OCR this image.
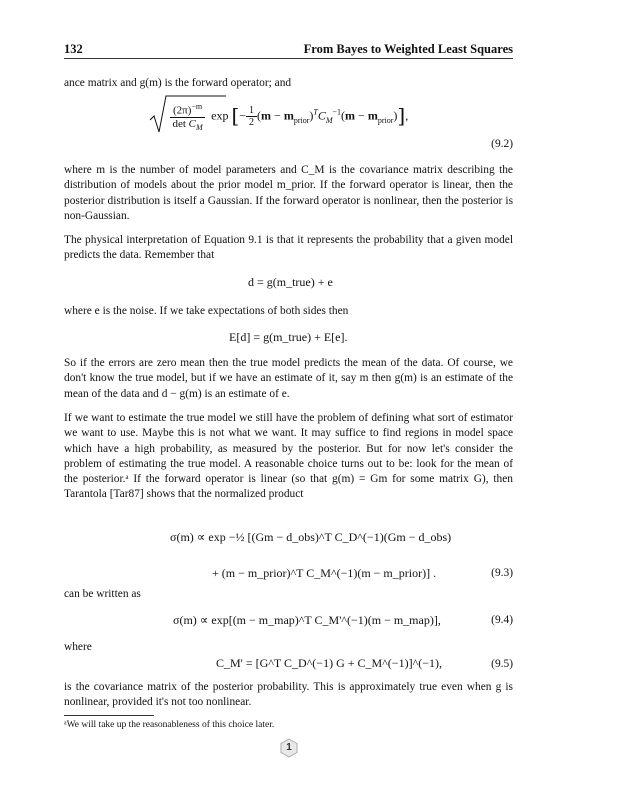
132	From Bayes to Weighted Least Squares

ance matrix and g(m) is the forward operator; and

$\frac{(2\pi)^{-m}}{\det C_M}$ exp [− $\frac{1}{2} (m - m_{prior})^TC_M^{-1}(m - m_{prior})$],
(9.2)

where m is the number of model parameters and C_M is the covariance matrix describing the distribution of models about the prior model m_prior. If the forward operator is linear, then the posterior distribution is itself a Gaussian. If the forward operator is nonlinear, then the posterior is non-Gaussian.

The physical interpretation of Equation 9.1 is that it represents the probability that a given model predicts the data. Remember that

d = g(m_true) + e

where e is the noise. If we take expectations of both sides then

E[d] = g(m_true) + E[e].

So if the errors are zero mean then the true model predicts the mean of the data. Of course, we don't know the true model, but if we have an estimate of it, say m then g(m) is an estimate of the mean of the data and d − g(m) is an estimate of e.

If we want to estimate the true model we still have the problem of defining what sort of estimator we want to use. Maybe this is not what we want. It may suffice to find regions in model space which have a high probability, as measured by the posterior. But for now let's consider the problem of estimating the true model. A reasonable choice turns out to be: look for the mean of the posterior.ᵃ If the forward operator is linear (so that g(m) = Gm for some matrix G), then Tarantola [Tar87] shows that the normalized product

σ(m) ∝ exp −½ [(Gm − d_obs)^T C_D^(−1)(Gm − d_obs)
+ (m − m_prior)^T C_M^(−1)(m − m_prior)] .	(9.3)

can be written as

σ(m) ∝ exp[(m − m_map)^T C_M'^(−1)(m − m_map)],	(9.4)

where

C_M' = [G^T C_D^(−1) G + C_M^(−1)]^(−1),	(9.5)

is the covariance matrix of the posterior probability. This is approximately true even when g is nonlinear, provided it's not too nonlinear.

ᵃWe will take up the reasonableness of this choice later.
1
